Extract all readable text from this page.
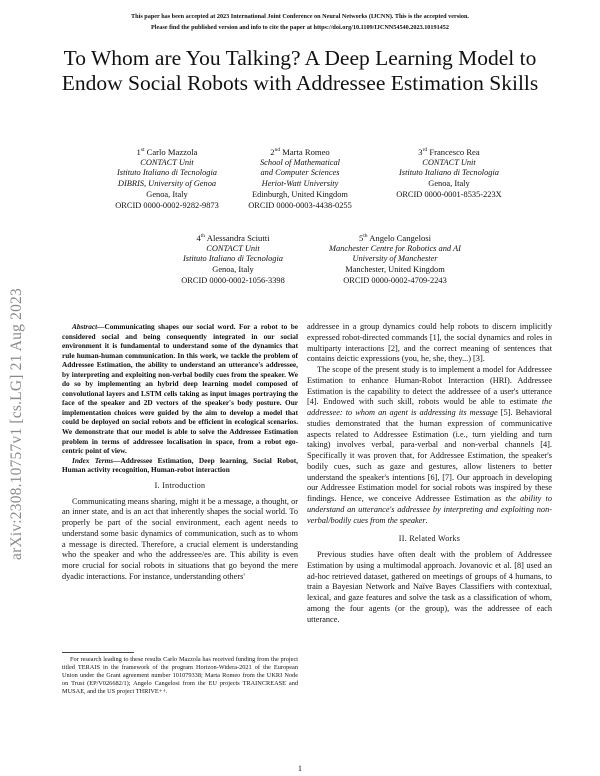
This paper has been accepted at 2023 International Joint Conference on Neural Networks (IJCNN). This is the accepted version.
Please find the published version and info to cite the paper at https://doi.org/10.1109/IJCNN54540.2023.10191452
arXiv:2308.10757v1 [cs.LG] 21 Aug 2023
To Whom are You Talking? A Deep Learning Model to Endow Social Robots with Addressee Estimation Skills
1st Carlo Mazzola
CONTACT Unit
Istituto Italiano di Tecnologia
DIBRIS, University of Genoa
Genoa, Italy
ORCID 0000-0002-9282-9873
2nd Marta Romeo
School of Mathematical
and Computer Sciences
Heriot-Watt University
Edinburgh, United Kingdom
ORCID 0000-0003-4438-0255
3rd Francesco Rea
CONTACT Unit
Istituto Italiano di Tecnologia
Genoa, Italy
ORCID 0000-0001-8535-223X
4th Alessandra Sciutti
CONTACT Unit
Istituto Italiano di Tecnologia
Genoa, Italy
ORCID 0000-0002-1056-3398
5th Angelo Cangelosi
Manchester Centre for Robotics and AI
University of Manchester
Manchester, United Kingdom
ORCID 0000-0002-4709-2243

Abstract—Communicating shapes our social word. For a robot to be considered social and being consequently integrated in our social environment it is fundamental to understand some of the dynamics that rule human-human communication. In this work, we tackle the problem of Addressee Estimation, the ability to understand an utterance's addressee, by interpreting and exploiting non-verbal bodily cues from the speaker. We do so by implementing an hybrid deep learning model composed of convolutional layers and LSTM cells taking as input images portraying the face of the speaker and 2D vectors of the speaker's body posture. Our implementation choices were guided by the aim to develop a model that could be deployed on social robots and be efficient in ecological scenarios. We demonstrate that our model is able to solve the Addressee Estimation problem in terms of addressee localisation in space, from a robot ego-centric point of view.

Index Terms—Addressee Estimation, Deep learning, Social Robot, Human activity recognition, Human-robot interaction

I. Introduction

Communicating means sharing, might it be a message, a thought, or an inner state, and is an act that inherently shapes the social world. To properly be part of the social environment, each agent needs to understand some basic dynamics of communication, such as to whom a message is directed. Therefore, a crucial element is understanding who the speaker and who the addressee/es are. This ability is even more crucial for social robots in situations that go beyond the mere dyadic interactions. For instance, understanding others'

For research leading to these results Carlo Mazzola has received funding from the project titled TERAIS in the framework of the program Horizon-Widera-2021 of the European Union under the Grant agreement number 101079338; Marta Romeo from the UKRI Node on Trust (EP/V026682/1); Angelo Cangelosi from the EU projects TRAINCREASE and MUSAE, and the US project THRIVE++.

addressee in a group dynamics could help robots to discern implicitly expressed robot-directed commands [1], the social dynamics and roles in multiparty interactions [2], and the correct meaning of sentences that contains deictic expressions (you, he, she, they...) [3].

The scope of the present study is to implement a model for Addressee Estimation to enhance Human-Robot Interaction (HRI). Addressee Estimation is the capability to detect the addressee of a user's utterance [4]. Endowed with such skill, robots would be able to estimate the addressee: to whom an agent is addressing its message [5]. Behavioral studies demonstrated that the human expression of communicative aspects related to Addressee Estimation (i.e., turn yielding and turn taking) involves verbal, para-verbal and non-verbal channels [4]. Specifically it was proven that, for Addressee Estimation, the speaker's bodily cues, such as gaze and gestures, allow listeners to better understand the speaker's intentions [6], [7]. Our approach in developing our Addressee Estimation model for social robots was inspired by these findings. Hence, we conceive Addressee Estimation as the ability to understand an utterance's addressee by interpreting and exploiting non-verbal/bodily cues from the speaker.

II. Related Works

Previous studies have often dealt with the problem of Addressee Estimation by using a multimodal approach. Jovanovic et al. [8] used an ad-hoc retrieved dataset, gathered on meetings of groups of 4 humans, to train a Bayesian Network and Naïve Bayes Classifiers with contextual, lexical, and gaze features and solve the task as a classification of whom, among the four agents (or the group), was the addressee of each utterance.

1
